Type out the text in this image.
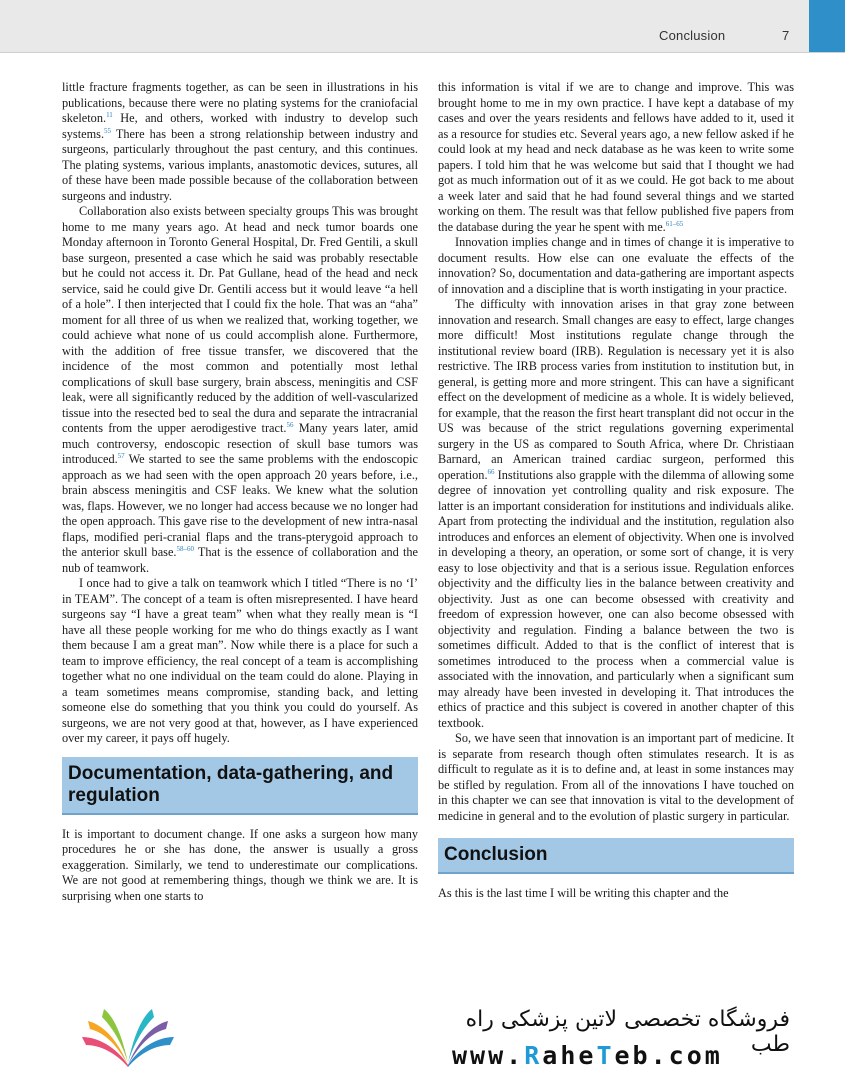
Conclusion	7

little fracture fragments together, as can be seen in illustrations in his publications, because there were no plating systems for the craniofacial skeleton.$^{11}$ He, and others, worked with industry to develop such systems.$^{55}$ There has been a strong relationship between industry and surgeons, particularly throughout the past century, and this continues. The plating systems, various implants, anastomotic devices, sutures, all of these have been made possible because of the collaboration between surgeons and industry.

Collaboration also exists between specialty groups This was brought home to me many years ago. At head and neck tumor boards one Monday afternoon in Toronto General Hospital, Dr. Fred Gentili, a skull base surgeon, presented a case which he said was probably resectable but he could not access it. Dr. Pat Gullane, head of the head and neck service, said he could give Dr. Gentili access but it would leave “a hell of a hole”. I then interjected that I could fix the hole. That was an “aha” moment for all three of us when we realized that, working together, we could achieve what none of us could accomplish alone. Furthermore, with the addition of free tissue transfer, we discovered that the incidence of the most common and potentially most lethal complications of skull base surgery, brain abscess, meningitis and CSF leak, were all significantly reduced by the addition of well-vascularized tissue into the resected bed to seal the dura and separate the intracranial contents from the upper aerodigestive tract.$^{56}$ Many years later, amid much controversy, endoscopic resection of skull base tumors was introduced.$^{57}$ We started to see the same problems with the endoscopic approach as we had seen with the open approach 20 years before, i.e., brain abscess meningitis and CSF leaks. We knew what the solution was, flaps. However, we no longer had access because we no longer had the open approach. This gave rise to the development of new intra-nasal flaps, modified peri-cranial flaps and the trans-pterygoid approach to the anterior skull base.$^{58-60}$ That is the essence of collaboration and the nub of teamwork.

I once had to give a talk on teamwork which I titled “There is no ‘I’ in TEAM”. The concept of a team is often misrepresented. I have heard surgeons say “I have a great team” when what they really mean is “I have all these people working for me who do things exactly as I want them because I am a great man”. Now while there is a place for such a team to improve efficiency, the real concept of a team is accomplishing together what no one individual on the team could do alone. Playing in a team sometimes means compromise, standing back, and letting someone else do something that you think you could do yourself. As surgeons, we are not very good at that, however, as I have experienced over my career, it pays off hugely.

Documentation, data-gathering, and regulation

It is important to document change. If one asks a surgeon how many procedures he or she has done, the answer is usually a gross exaggeration. Similarly, we tend to underestimate our complications. We are not good at remembering things, though we think we are. It is surprising when one starts to

this information is vital if we are to change and improve. This was brought home to me in my own practice. I have kept a database of my cases and over the years residents and fellows have added to it, used it as a resource for studies etc. Several years ago, a new fellow asked if he could look at my head and neck database as he was keen to write some papers. I told him that he was welcome but said that I thought we had got as much information out of it as we could. He got back to me about a week later and said that he had found several things and we started working on them. The result was that fellow published five papers from the database during the year he spent with me.$^{61-65}$

Innovation implies change and in times of change it is imperative to document results. How else can one evaluate the effects of the innovation? So, documentation and data-gathering are important aspects of innovation and a discipline that is worth instigating in your practice.

The difficulty with innovation arises in that gray zone between innovation and research. Small changes are easy to effect, large changes more difficult! Most institutions regulate change through the institutional review board (IRB). Regulation is necessary yet it is also restrictive. The IRB process varies from institution to institution but, in general, is getting more and more stringent. This can have a significant effect on the development of medicine as a whole. It is widely believed, for example, that the reason the first heart transplant did not occur in the US was because of the strict regulations governing experimental surgery in the US as compared to South Africa, where Dr. Christiaan Barnard, an American trained cardiac surgeon, performed this operation.$^{66}$ Institutions also grapple with the dilemma of allowing some degree of innovation yet controlling quality and risk exposure. The latter is an important consideration for institutions and individuals alike. Apart from protecting the individual and the institution, regulation also introduces and enforces an element of objectivity. When one is involved in developing a theory, an operation, or some sort of change, it is very easy to lose objectivity and that is a serious issue. Regulation enforces objectivity and the difficulty lies in the balance between creativity and objectivity. Just as one can become obsessed with creativity and freedom of expression however, one can also become obsessed with objectivity and regulation. Finding a balance between the two is sometimes difficult. Added to that is the conflict of interest that is sometimes introduced to the process when a commercial value is associated with the innovation, and particularly when a significant sum may already have been invested in developing it. That introduces the ethics of practice and this subject is covered in another chapter of this textbook.

So, we have seen that innovation is an important part of medicine. It is separate from research though often stimulates research. It is as difficult to regulate as it is to define and, at least in some instances may be stifled by regulation. From all of the innovations I have touched on in this chapter we can see that innovation is vital to the development of medicine in general and to the evolution of plastic surgery in particular.

Conclusion

As this is the last time I will be writing this chapter and the

فروشگاه تخصصی لاتین پزشکی راه طب
www.RaheTeb.com
